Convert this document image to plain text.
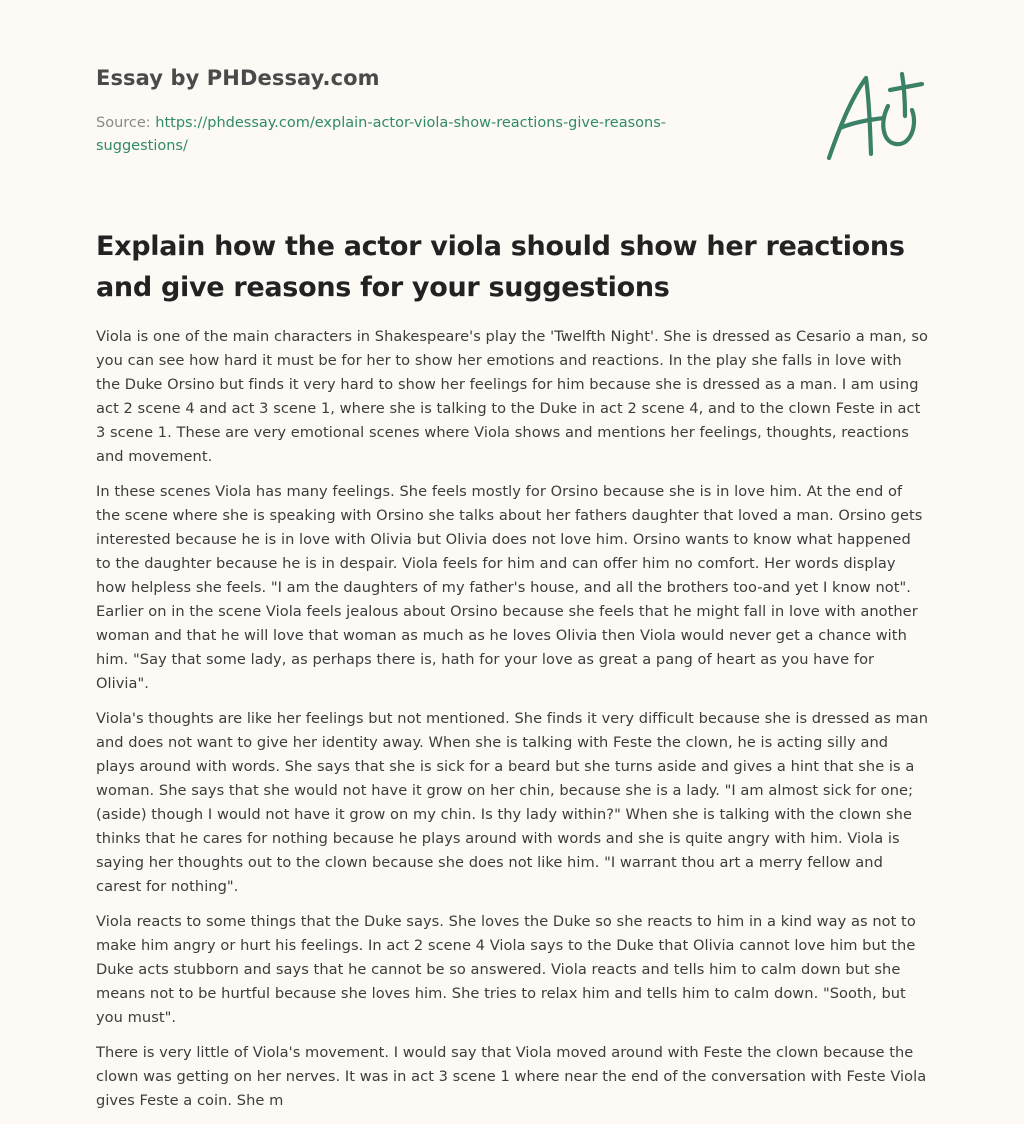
Essay by PHDessay.com
Source: https://phdessay.com/explain-actor-viola-show-reactions-give-reasons-suggestions/
Explain how the actor viola should show her reactions and give reasons for your suggestions

Viola is one of the main characters in Shakespeare's play the 'Twelfth Night'. She is dressed as Cesario a man, so you can see how hard it must be for her to show her emotions and reactions. In the play she falls in love with the Duke Orsino but finds it very hard to show her feelings for him because she is dressed as a man. I am using act 2 scene 4 and act 3 scene 1, where she is talking to the Duke in act 2 scene 4, and to the clown Feste in act 3 scene 1. These are very emotional scenes where Viola shows and mentions her feelings, thoughts, reactions and movement.

In these scenes Viola has many feelings. She feels mostly for Orsino because she is in love him. At the end of the scene where she is speaking with Orsino she talks about her fathers daughter that loved a man. Orsino gets interested because he is in love with Olivia but Olivia does not love him. Orsino wants to know what happened to the daughter because he is in despair. Viola feels for him and can offer him no comfort. Her words display how helpless she feels. "I am the daughters of my father's house, and all the brothers too-and yet I know not". Earlier on in the scene Viola feels jealous about Orsino because she feels that he might fall in love with another woman and that he will love that woman as much as he loves Olivia then Viola would never get a chance with him. "Say that some lady, as perhaps there is, hath for your love as great a pang of heart as you have for Olivia".

Viola's thoughts are like her feelings but not mentioned. She finds it very difficult because she is dressed as man and does not want to give her identity away. When she is talking with Feste the clown, he is acting silly and plays around with words. She says that she is sick for a beard but she turns aside and gives a hint that she is a woman. She says that she would not have it grow on her chin, because she is a lady. "I am almost sick for one; (aside) though I would not have it grow on my chin. Is thy lady within?" When she is talking with the clown she thinks that he cares for nothing because he plays around with words and she is quite angry with him. Viola is saying her thoughts out to the clown because she does not like him. "I warrant thou art a merry fellow and carest for nothing".

Viola reacts to some things that the Duke says. She loves the Duke so she reacts to him in a kind way as not to make him angry or hurt his feelings. In act 2 scene 4 Viola says to the Duke that Olivia cannot love him but the Duke acts stubborn and says that he cannot be so answered. Viola reacts and tells him to calm down but she means not to be hurtful because she loves him. She tries to relax him and tells him to calm down. "Sooth, but you must".

There is very little of Viola's movement. I would say that Viola moved around with Feste the clown because the clown was getting on her nerves. It was in act 3 scene 1 where near the end of the conversation with Feste Viola gives Feste a coin. She m
